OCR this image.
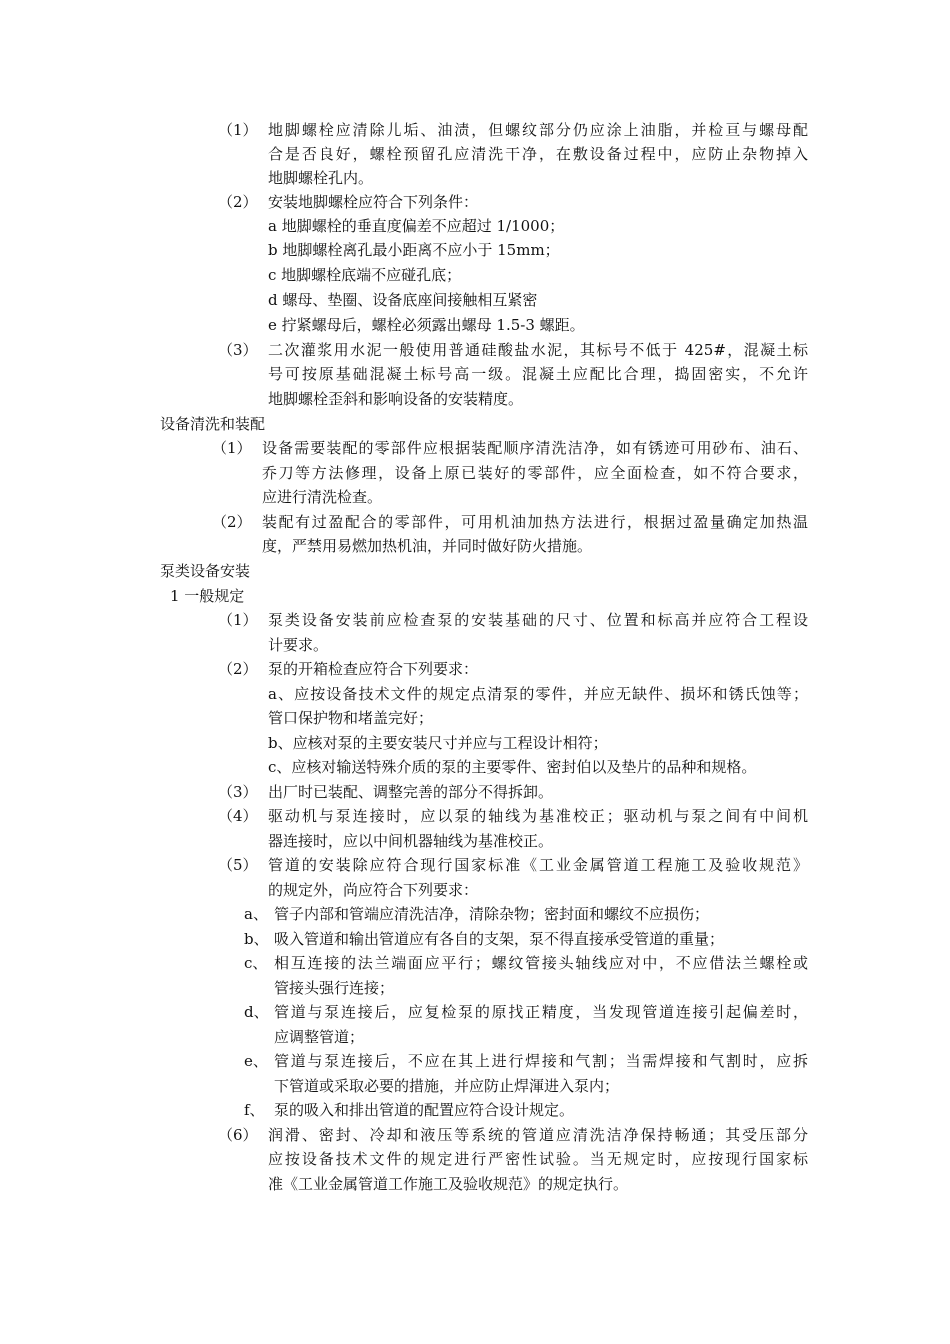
（1） 地脚螺栓应清除儿垢、油渍，但螺纹部分仍应涂上油脂，并检亘与螺母配
合是否良好，螺栓预留孔应清洗干净，在敷设备过程中，应防止杂物掉入
地脚螺栓孔内。
（2） 安装地脚螺栓应符合下列条件：
a 地脚螺栓的垂直度偏差不应超过 1/1000；
b 地脚螺栓离孔最小距离不应小于 15mm；
c 地脚螺栓底端不应碰孔底；
d 螺母、垫圈、设备底座间接触相互紧密
e 拧紧螺母后，螺栓必须露出螺母 1.5-3 螺距。
（3） 二次灌浆用水泥一般使用普通硅酸盐水泥，其标号不低于 425#，混凝土标
号可按原基础混凝土标号高一级。混凝土应配比合理，捣固密实，不允许
地脚螺栓歪斜和影响设备的安装精度。
设备清洗和装配
（1） 设备需要装配的零部件应根据装配顺序清洗洁净，如有锈迹可用砂布、油石、
乔刀等方法修理，设备上原已装好的零部件，应全面检查，如不符合要求，
应进行清洗检查。
（2） 装配有过盈配合的零部件，可用机油加热方法进行，根据过盈量确定加热温
度，严禁用易燃加热机油，并同时做好防火措施。
泵类设备安装
1 一般规定
（1） 泵类设备安装前应检查泵的安装基础的尺寸、位置和标高并应符合工程设
计要求。
（2） 泵的开箱检查应符合下列要求：
a、应按设备技术文件的规定点清泵的零件，并应无缺件、损坏和锈氏蚀等；
管口保护物和堵盖完好；
b、应核对泵的主要安装尺寸并应与工程设计相符；
c、应核对输送特殊介质的泵的主要零件、密封伯以及垫片的品种和规格。
（3） 出厂时已装配、调整完善的部分不得拆卸。
（4） 驱动机与泵连接时，应以泵的轴线为基准校正；驱动机与泵之间有中间机
器连接时，应以中间机器轴线为基准校正。
（5） 管道的安装除应符合现行国家标准《工业金属管道工程施工及验收规范》
的规定外，尚应符合下列要求：
a、 管子内部和管端应清洗洁净，清除杂物；密封面和螺纹不应损伤；
b、 吸入管道和输出管道应有各自的支架，泵不得直接承受管道的重量；
c、 相互连接的法兰端面应平行；螺纹管接头轴线应对中，不应借法兰螺栓或
管接头强行连接；
d、 管道与泵连接后，应复检泵的原找正精度，当发现管道连接引起偏差时，
应调整管道；
e、 管道与泵连接后，不应在其上进行焊接和气割；当需焊接和气割时，应拆
下管道或采取必要的措施，并应防止焊渾进入泵内；
f、 泵的吸入和排出管道的配置应符合设计规定。
（6） 润滑、密封、冷却和液压等系统的管道应清洗洁净保持畅通；其受压部分
应按设备技术文件的规定进行严密性试验。当无规定时，应按现行国家标
准《工业金属管道工作施工及验收规范》的规定执行。
